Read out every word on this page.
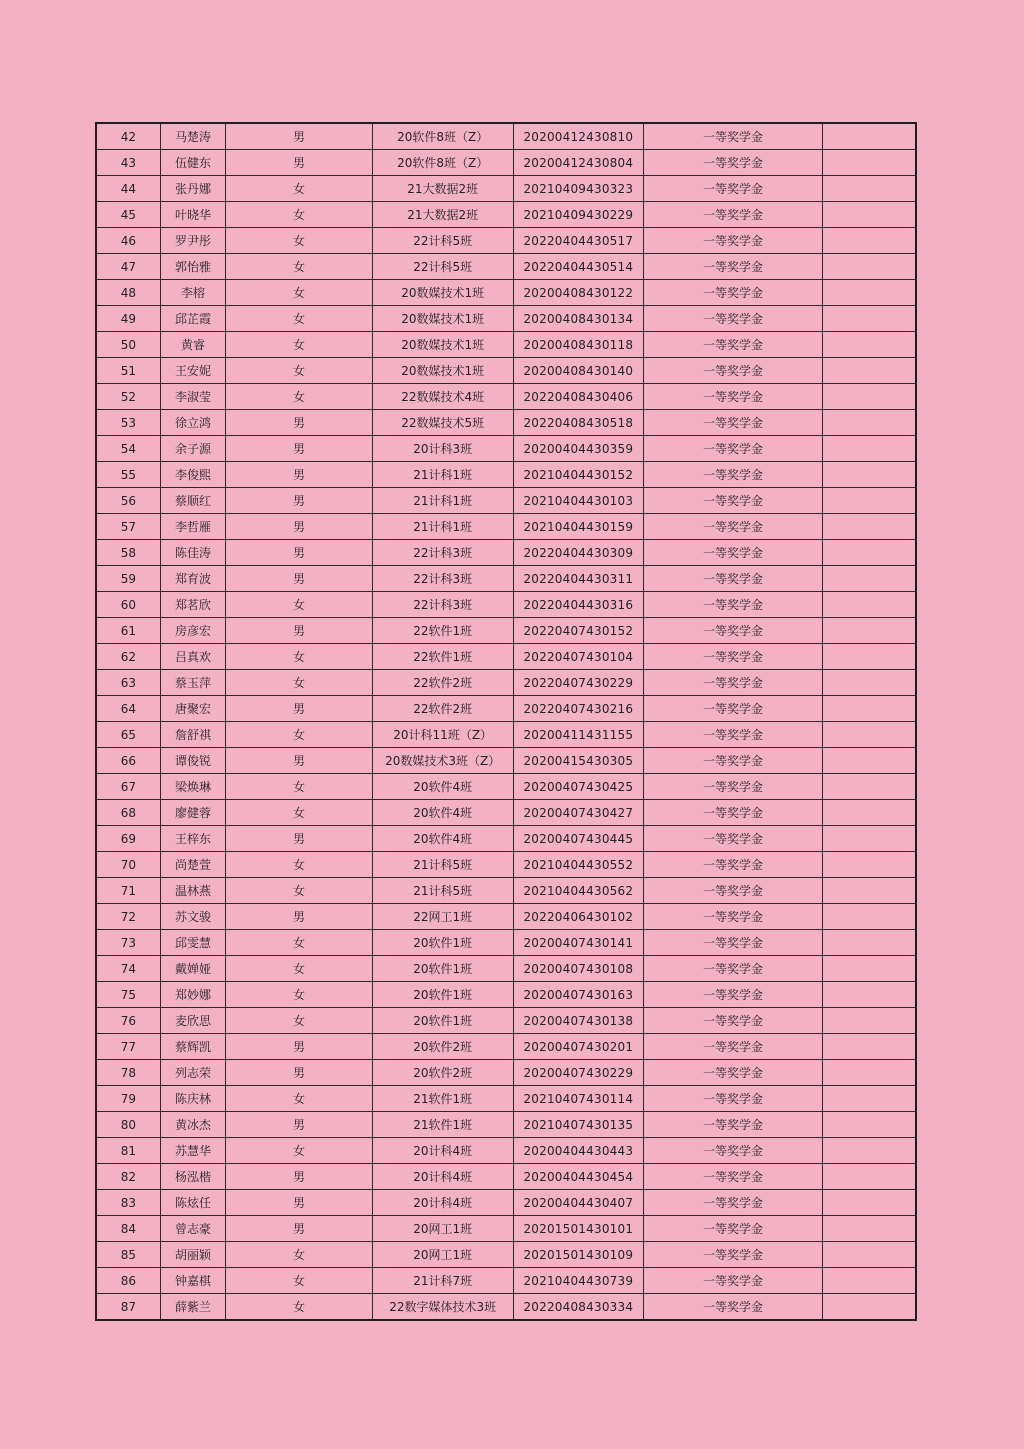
42	马楚涛	男	20软件8班（Z）	20200412430810	一等奖学金	
43	伍健东	男	20软件8班（Z）	20200412430804	一等奖学金	
44	张丹娜	女	21大数据2班	20210409430323	一等奖学金	
45	叶晓华	女	21大数据2班	20210409430229	一等奖学金	
46	罗尹彤	女	22计科5班	20220404430517	一等奖学金	
47	郭怡雅	女	22计科5班	20220404430514	一等奖学金	
48	李榕	女	20数媒技术1班	20200408430122	一等奖学金	
49	邱芷霞	女	20数媒技术1班	20200408430134	一等奖学金	
50	黄睿	女	20数媒技术1班	20200408430118	一等奖学金	
51	王安妮	女	20数媒技术1班	20200408430140	一等奖学金	
52	李淑莹	女	22数媒技术4班	20220408430406	一等奖学金	
53	徐立鸿	男	22数媒技术5班	20220408430518	一等奖学金	
54	余子源	男	20计科3班	20200404430359	一等奖学金	
55	李俊熙	男	21计科1班	20210404430152	一等奖学金	
56	蔡顺红	男	21计科1班	20210404430103	一等奖学金	
57	李哲雁	男	21计科1班	20210404430159	一等奖学金	
58	陈佳涛	男	22计科3班	20220404430309	一等奖学金	
59	郑育波	男	22计科3班	20220404430311	一等奖学金	
60	郑茗欣	女	22计科3班	20220404430316	一等奖学金	
61	房彦宏	男	22软件1班	20220407430152	一等奖学金	
62	吕真欢	女	22软件1班	20220407430104	一等奖学金	
63	蔡玉萍	女	22软件2班	20220407430229	一等奖学金	
64	唐聚宏	男	22软件2班	20220407430216	一等奖学金	
65	詹舒祺	女	20计科11班（Z）	20200411431155	一等奖学金	
66	谭俊锐	男	20数媒技术3班（Z）	20200415430305	一等奖学金	
67	梁焕琳	女	20软件4班	20200407430425	一等奖学金	
68	廖健蓉	女	20软件4班	20200407430427	一等奖学金	
69	王梓东	男	20软件4班	20200407430445	一等奖学金	
70	尚楚萱	女	21计科5班	20210404430552	一等奖学金	
71	温林燕	女	21计科5班	20210404430562	一等奖学金	
72	苏文骏	男	22网工1班	20220406430102	一等奖学金	
73	邱雯慧	女	20软件1班	20200407430141	一等奖学金	
74	戴婵娅	女	20软件1班	20200407430108	一等奖学金	
75	郑妙娜	女	20软件1班	20200407430163	一等奖学金	
76	麦欣思	女	20软件1班	20200407430138	一等奖学金	
77	蔡辉凯	男	20软件2班	20200407430201	一等奖学金	
78	列志荣	男	20软件2班	20200407430229	一等奖学金	
79	陈庆林	女	21软件1班	20210407430114	一等奖学金	
80	黄冰杰	男	21软件1班	20210407430135	一等奖学金	
81	苏慧华	女	20计科4班	20200404430443	一等奖学金	
82	杨泓楷	男	20计科4班	20200404430454	一等奖学金	
83	陈炫任	男	20计科4班	20200404430407	一等奖学金	
84	曾志豪	男	20网工1班	20201501430101	一等奖学金	
85	胡丽颖	女	20网工1班	20201501430109	一等奖学金	
86	钟嘉棋	女	21计科7班	20210404430739	一等奖学金	
87	薛紫兰	女	22数字媒体技术3班	20220408430334	一等奖学金	
